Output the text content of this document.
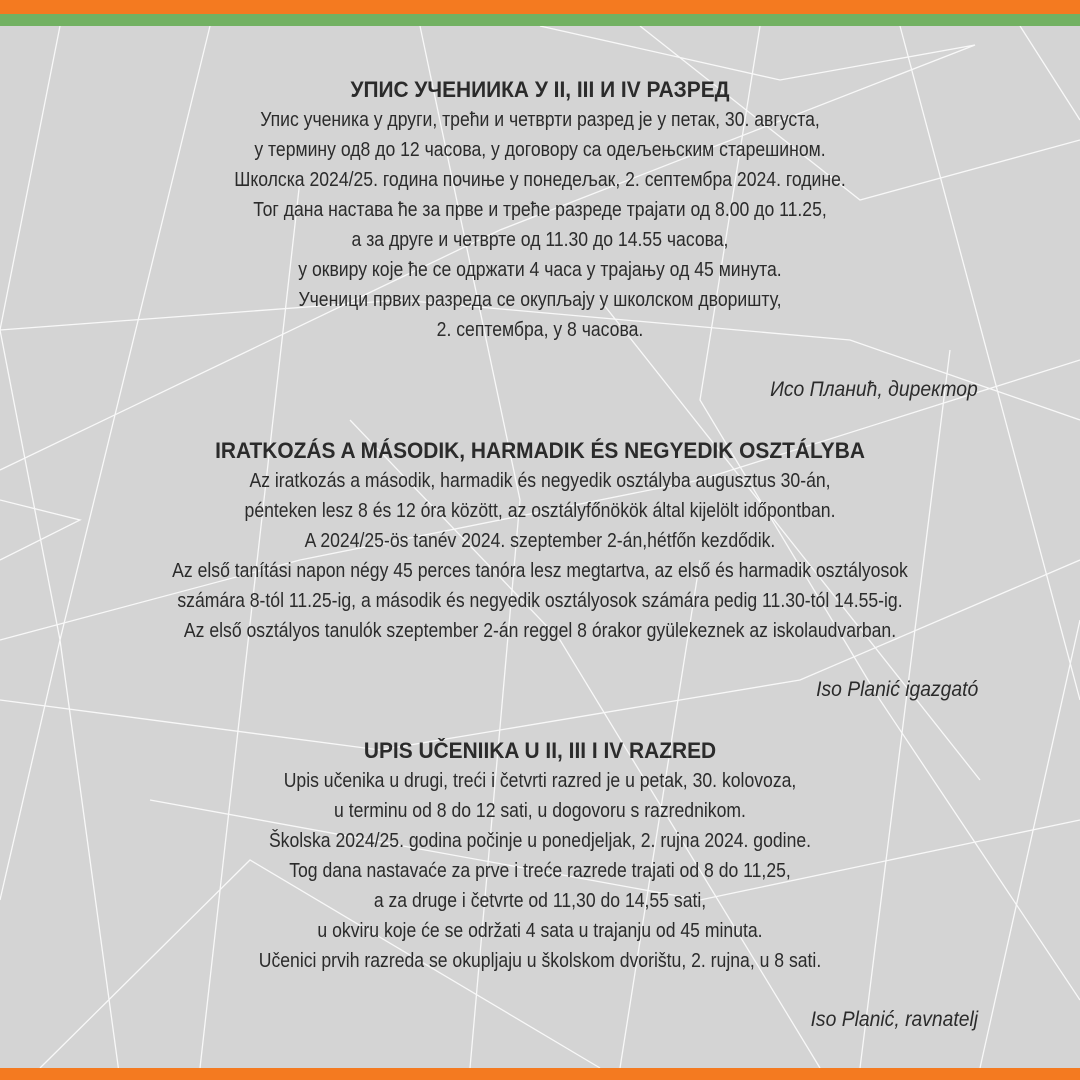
УПИС УЧЕНИИКА У II, III И IV РАЗРЕД
Упис ученика у други, трећи и четврти разред је у петак, 30. августа,
у термину од8 до 12 часова, у договору са одељењским старешином.
Школска 2024/25. година почиње у понедељак, 2. септембра 2024. године.
Тог дана настава ће за прве и треће разреде трајати од 8.00 до 11.25,
а за друге и четврте од 11.30 до 14.55 часова,
у оквиру које ће се одржати 4 часа у трајању од 45 минута.
Ученици првих разреда се окупљају у школском дворишту,
2. септембра, у 8 часова.
Исо Планић, директор
IRATKOZÁS A MÁSODIK, HARMADIK ÉS NEGYEDIK OSZTÁLYBA
Az iratkozás a második, harmadik és negyedik osztályba augusztus 30-án,
pénteken lesz 8 és 12 óra között, az osztályfőnökök által kijelölt időpontban.
A 2024/25-ös tanév 2024. szeptember 2-án,hétfőn kezdődik.
Az első tanítási napon négy 45 perces tanóra lesz megtartva, az első és harmadik osztályosok
számára 8-tól 11.25-ig, a második és negyedik osztályosok számára pedig 11.30-tól 14.55-ig.
Az első osztályos tanulók szeptember 2-án reggel 8 órakor gyülekeznek az iskolaudvarban.
Iso Planić igazgató
UPIS UČENIIKA U II, III I IV RAZRED
Upis učenika u drugi, treći i četvrti razred je u petak, 30. kolovoza,
u terminu od 8 do 12 sati, u dogovoru s razrednikom.
Školska 2024/25. godina počinje u ponedjeljak, 2. rujna 2024. godine.
Tog dana nastavaće za prve i treće razrede trajati od 8 do 11,25,
a za druge i četvrte od 11,30 do 14,55 sati,
u okviru koje će se održati 4 sata u trajanju od 45 minuta.
Učenici prvih razreda se okupljaju u školskom dvorištu, 2. rujna, u 8 sati.
Iso Planić, ravnatelj
